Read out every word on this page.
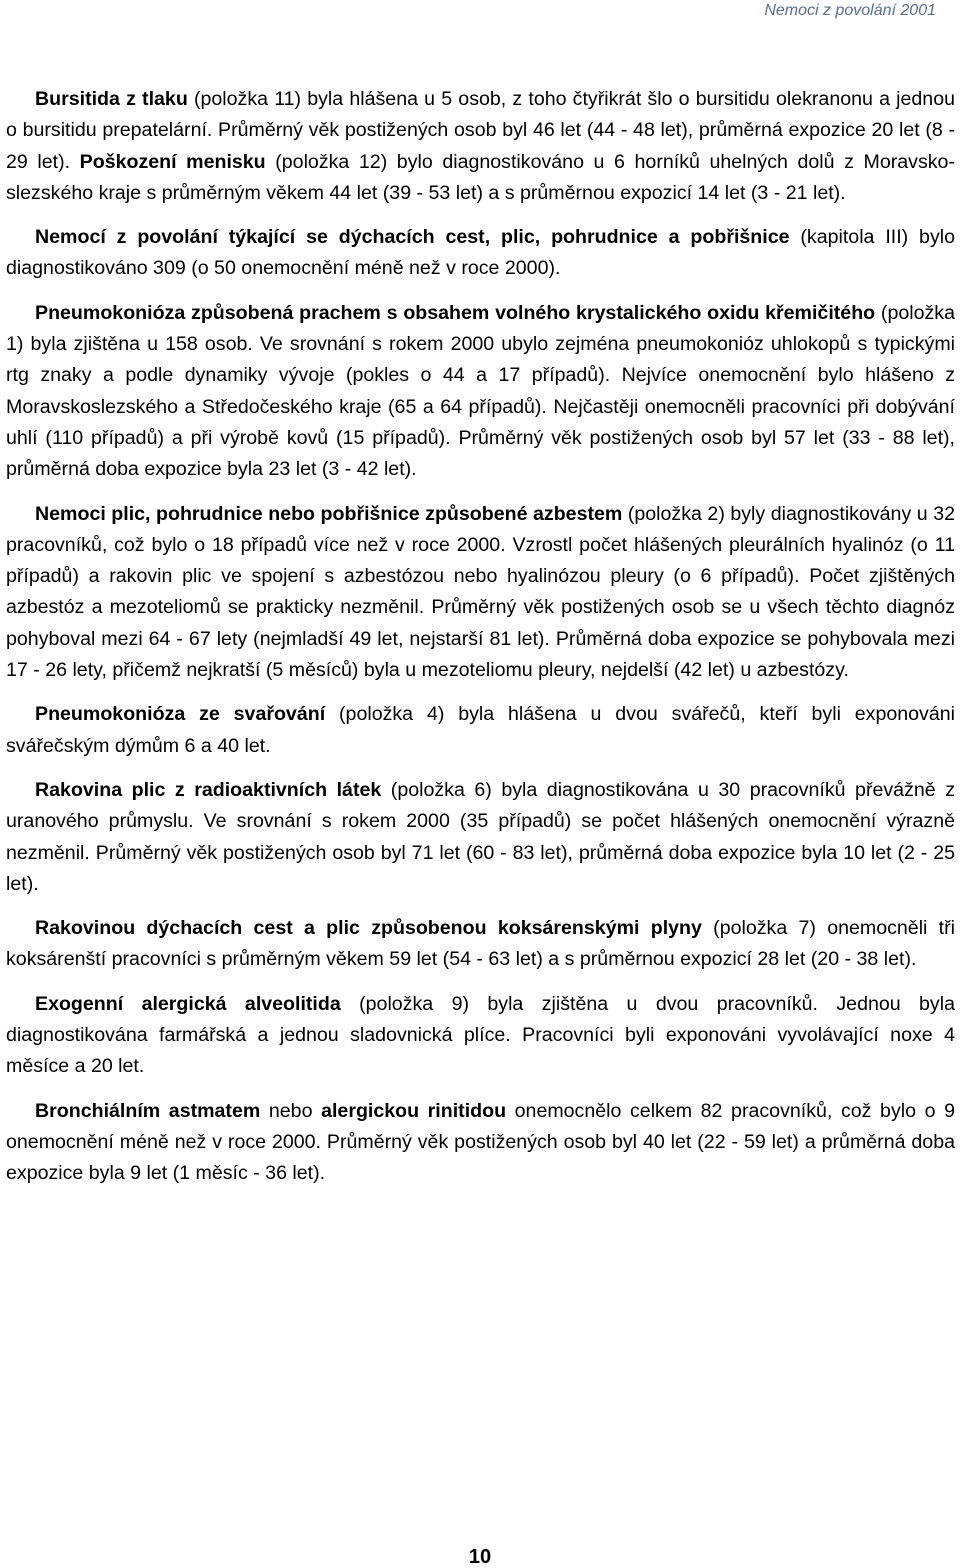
Nemoci z povolání 2001

Bursitida z tlaku (položka 11) byla hlášena u 5 osob, z toho čtyřikrát šlo o bursitidu olekranonu a jednou o bursitidu prepatelární. Průměrný věk postižených osob byl 46 let (44 - 48 let), průměrná expozice 20 let (8 - 29 let). Poškození menisku (položka 12) bylo diagnostikováno u 6 horníků uhelných dolů z Moravskoslezského kraje s průměrným věkem 44 let (39 - 53 let) a s průměrnou expozicí 14 let (3 - 21 let).

Nemocí z povolání týkající se dýchacích cest, plic, pohrudnice a pobřišnice (kapitola III) bylo diagnostikováno 309 (o 50 onemocnění méně než v roce 2000).

Pneumokonióza způsobená prachem s obsahem volného krystalického oxidu křemičitého (položka 1) byla zjištěna u 158 osob. Ve srovnání s rokem 2000 ubylo zejména pneumokonióz uhlokopů s typickými rtg znaky a podle dynamiky vývoje (pokles o 44 a 17 případů). Nejvíce onemocnění bylo hlášeno z Moravskoslezského a Středočeského kraje (65 a 64 případů). Nejčastěji onemocněli pracovníci při dobývání uhlí (110 případů) a při výrobě kovů (15 případů). Průměrný věk postižených osob byl 57 let (33 - 88 let), průměrná doba expozice byla 23 let (3 - 42 let).

Nemoci plic, pohrudnice nebo pobřišnice způsobené azbestem (položka 2) byly diagnostikovány u 32 pracovníků, což bylo o 18 případů více než v roce 2000. Vzrostl počet hlášených pleurálních hyalinóz (o 11 případů) a rakovin plic ve spojení s azbestózou nebo hyalinózou pleury (o 6 případů). Počet zjištěných azbestóz a mezoteliomů se prakticky nezměnil. Průměrný věk postižených osob se u všech těchto diagnóz pohyboval mezi 64 - 67 lety (nejmladší 49 let, nejstarší 81 let). Průměrná doba expozice se pohybovala mezi 17 - 26 lety, přičemž nejkratší (5 měsíců) byla u mezoteliomu pleury, nejdelší (42 let) u azbestózy.

Pneumokonióza ze svařování (položka 4) byla hlášena u dvou svářečů, kteří byli exponováni svářečským dýmům 6 a 40 let.

Rakovina plic z radioaktivních látek (položka 6) byla diagnostikována u 30 pracovníků převážně z uranového průmyslu. Ve srovnání s rokem 2000 (35 případů) se počet hlášených onemocnění výrazně nezměnil. Průměrný věk postižených osob byl 71 let (60 - 83 let), průměrná doba expozice byla 10 let (2 - 25 let).

Rakovinou dýchacích cest a plic způsobenou koksárenskými plyny (položka 7) onemocněli tři koksárenští pracovníci s průměrným věkem 59 let (54 - 63 let) a s průměrnou expozicí 28 let (20 - 38 let).

Exogenní alergická alveolitida (položka 9) byla zjištěna u dvou pracovníků. Jednou byla diagnostikována farmářská a jednou sladovnická plíce. Pracovníci byli exponováni vyvolávající noxe 4 měsíce a 20 let.

Bronchiálním astmatem nebo alergickou rinitidou onemocnělo celkem 82 pracovníků, což bylo o 9 onemocnění méně než v roce 2000. Průměrný věk postižených osob byl 40 let (22 - 59 let) a průměrná doba expozice byla 9 let (1 měsíc - 36 let).

10
